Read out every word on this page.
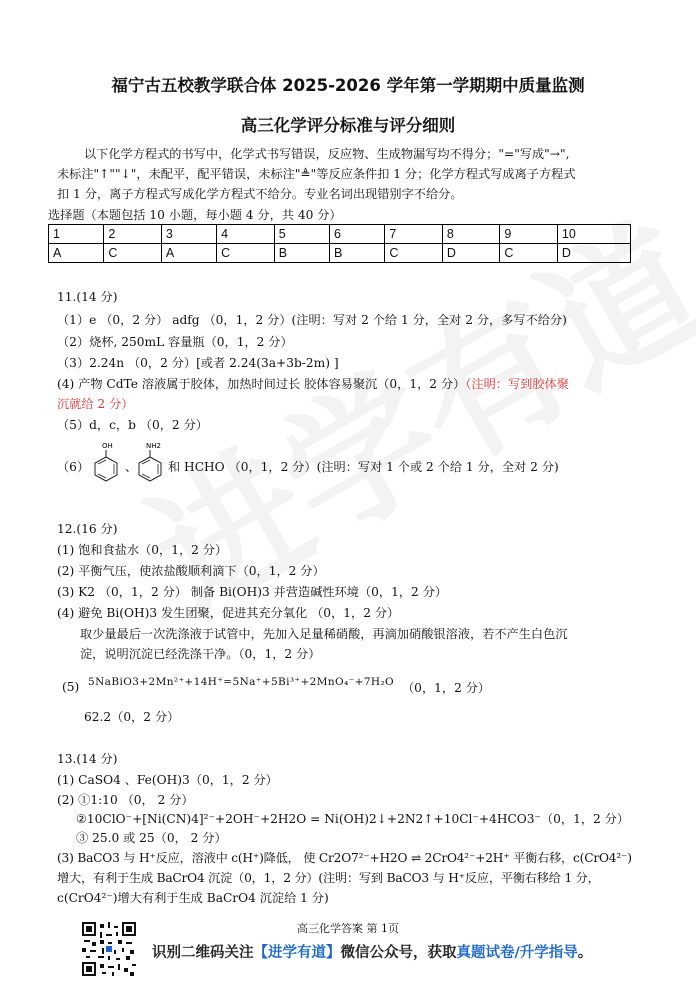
福宁古五校教学联合体 2025-2026 学年第一学期期中质量监测
高三化学评分标准与评分细则
以下化学方程式的书写中，化学式书写错误，反应物、生成物漏写均不得分；"="写成"→",
未标注"↑""↓"，未配平，配平错误，未标注"≜"等反应条件扣 1 分；化学方程式写成离子方程式
扣 1 分，离子方程式写成化学方程式不给分。专业名词出现错别字不给分。
选择题（本题包括 10 小题，每小题 4 分，共 40 分）
1	2	3	4	5	6	7	8	9	10
A	C	A	C	B	B	C	D	C	D
11.(14 分)
（1）e （0，2 分） adfg （0，1，2 分）(注明：写对 2 个给 1 分，全对 2 分，多写不给分)
（2）烧杯, 250mL 容量瓶（0，1，2 分）
（3）2.24n （0，2 分）[或者 2.24(3a+3b-2m) ]
(4) 产物 CdTe 溶液属于胶体，加热时间过长 胶体容易聚沉（0，1，2 分）（注明：写到胶体聚
沉就给 2 分）
（5）d，c，b （0，2 分）
（6）
OH
、
NH2
和 HCHO （0，1，2 分）(注明：写对 1 个或 2 个给 1 分，全对 2 分)
12.(16 分)
(1) 饱和食盐水（0，1，2 分）
(2) 平衡气压，使浓盐酸顺利滴下（0，1，2 分）
(3) K2 （0，1，2 分） 制备 Bi(OH)3 并营造碱性环境（0，1，2 分）
(4) 避免 Bi(OH)3 发生团聚，促进其充分氧化 （0，1，2 分）
取少量最后一次洗涤液于试管中，先加入足量稀硝酸，再滴加硝酸银溶液，若不产生白色沉
淀，说明沉淀已经洗涤干净。（0，1，2 分）
(5) 5NaBiO3+2Mn²⁺+14H⁺=5Na⁺+5Bi³⁺+2MnO₄⁻+7H₂O （0，1，2 分）
62.2（0，2 分）
13.(14 分)
(1) CaSO4 、Fe(OH)3（0，1，2 分）
(2) ①1:10 （0， 2 分）
②10ClO⁻+[Ni(CN)4]²⁻+2OH⁻+2H2O = Ni(OH)2↓+2N2↑+10Cl⁻+4HCO3⁻（0，1，2 分）
③ 25.0 或 25（0， 2 分）
(3) BaCO3 与 H⁺反应，溶液中 c(H⁺)降低， 使 Cr2O7²⁻+H2O ⇌ 2CrO4²⁻+2H⁺ 平衡右移，c(CrO4²⁻)
增大，有利于生成 BaCrO4 沉淀（0，1，2 分）(注明：写到 BaCO3 与 H⁺反应，平衡右移给 1 分，
c(CrO4²⁻)增大有利于生成 BaCrO4 沉淀给 1 分)
高三化学答案 第 1页
识别二维码关注【进学有道】微信公众号，获取真题试卷/升学指导。
